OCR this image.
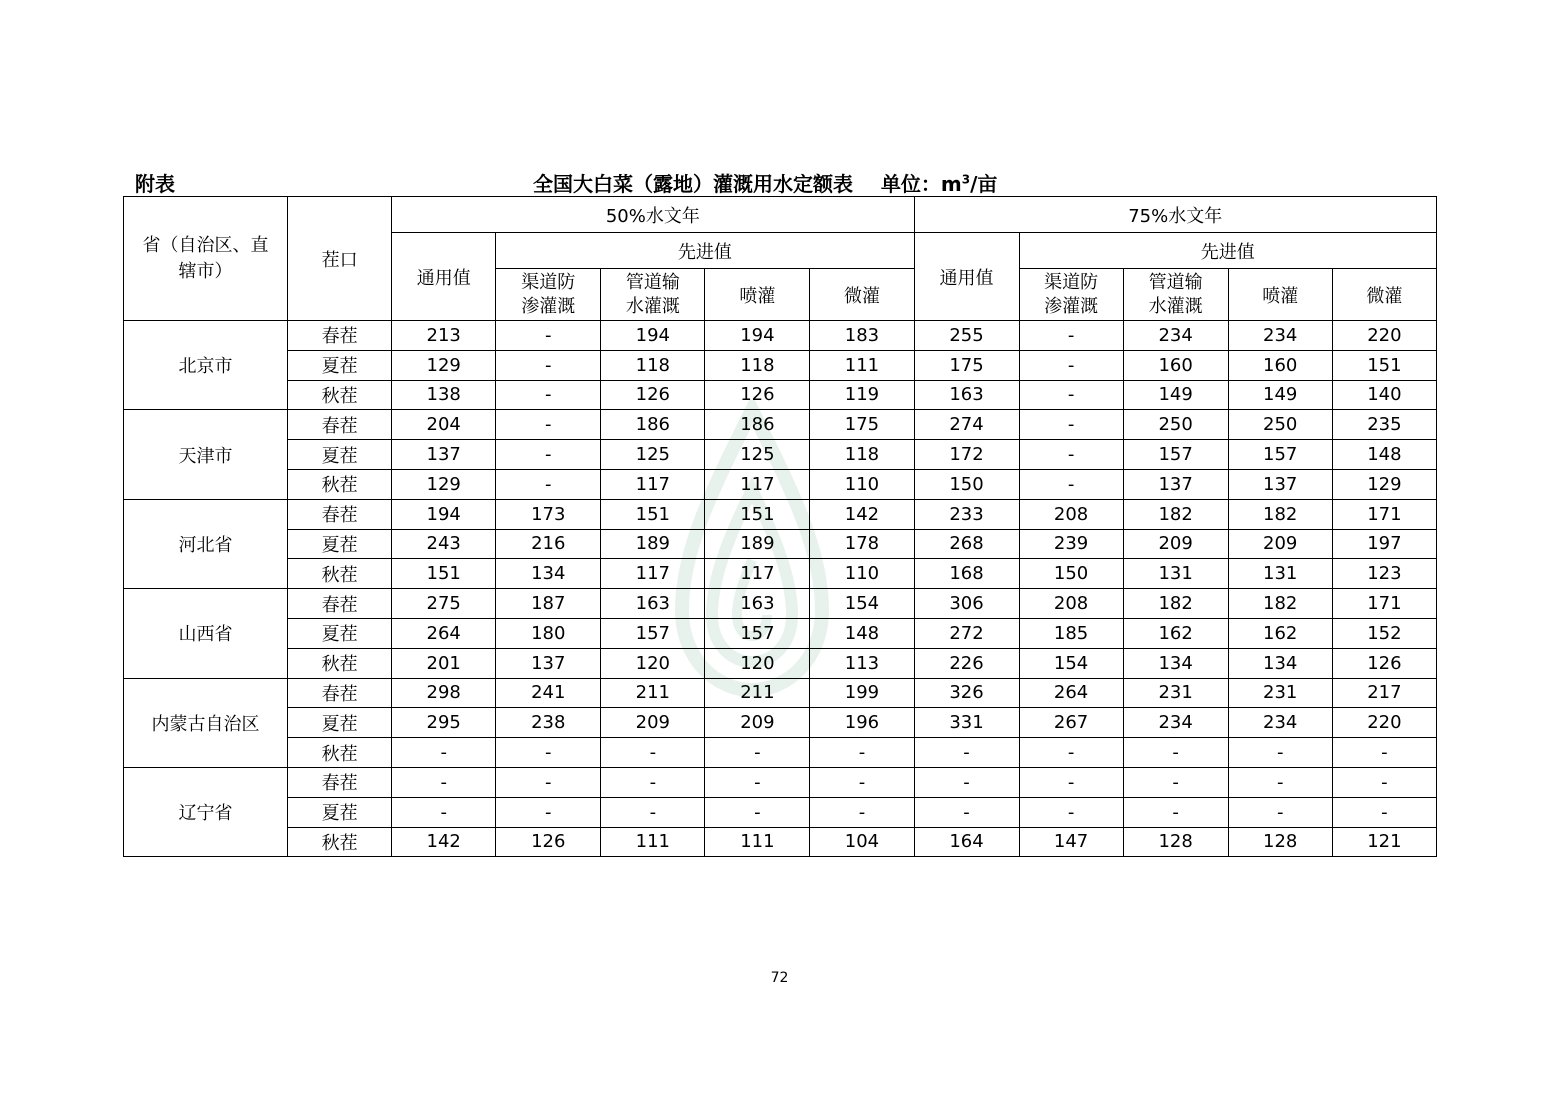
附表	全国大白菜（露地）灌溉用水定额表 单位：$m^3/$亩
省（自治区、直辖市）	茬口	50%水文年					75%水文年				
		通用值	先进值				通用值	先进值			
			渠道防渗灌溉	管道输水灌溉	喷灌	微灌		渠道防渗灌溉	管道输水灌溉	喷灌	微灌
北京市	春茬	213	-	194	194	183	255	-	234	234	220
	夏茬	129	-	118	118	111	175	-	160	160	151
	秋茬	138	-	126	126	119	163	-	149	149	140
天津市	春茬	204	-	186	186	175	274	-	250	250	235
	夏茬	137	-	125	125	118	172	-	157	157	148
	秋茬	129	-	117	117	110	150	-	137	137	129
河北省	春茬	194	173	151	151	142	233	208	182	182	171
	夏茬	243	216	189	189	178	268	239	209	209	197
	秋茬	151	134	117	117	110	168	150	131	131	123
山西省	春茬	275	187	163	163	154	306	208	182	182	171
	夏茬	264	180	157	157	148	272	185	162	162	152
	秋茬	201	137	120	120	113	226	154	134	134	126
内蒙古自治区	春茬	298	241	211	211	199	326	264	231	231	217
	夏茬	295	238	209	209	196	331	267	234	234	220
	秋茬	-	-	-	-	-	-	-	-	-	-
辽宁省	春茬	-	-	-	-	-	-	-	-	-	-
	夏茬	-	-	-	-	-	-	-	-	-	-
	秋茬	142	126	111	111	104	164	147	128	128	121
72
